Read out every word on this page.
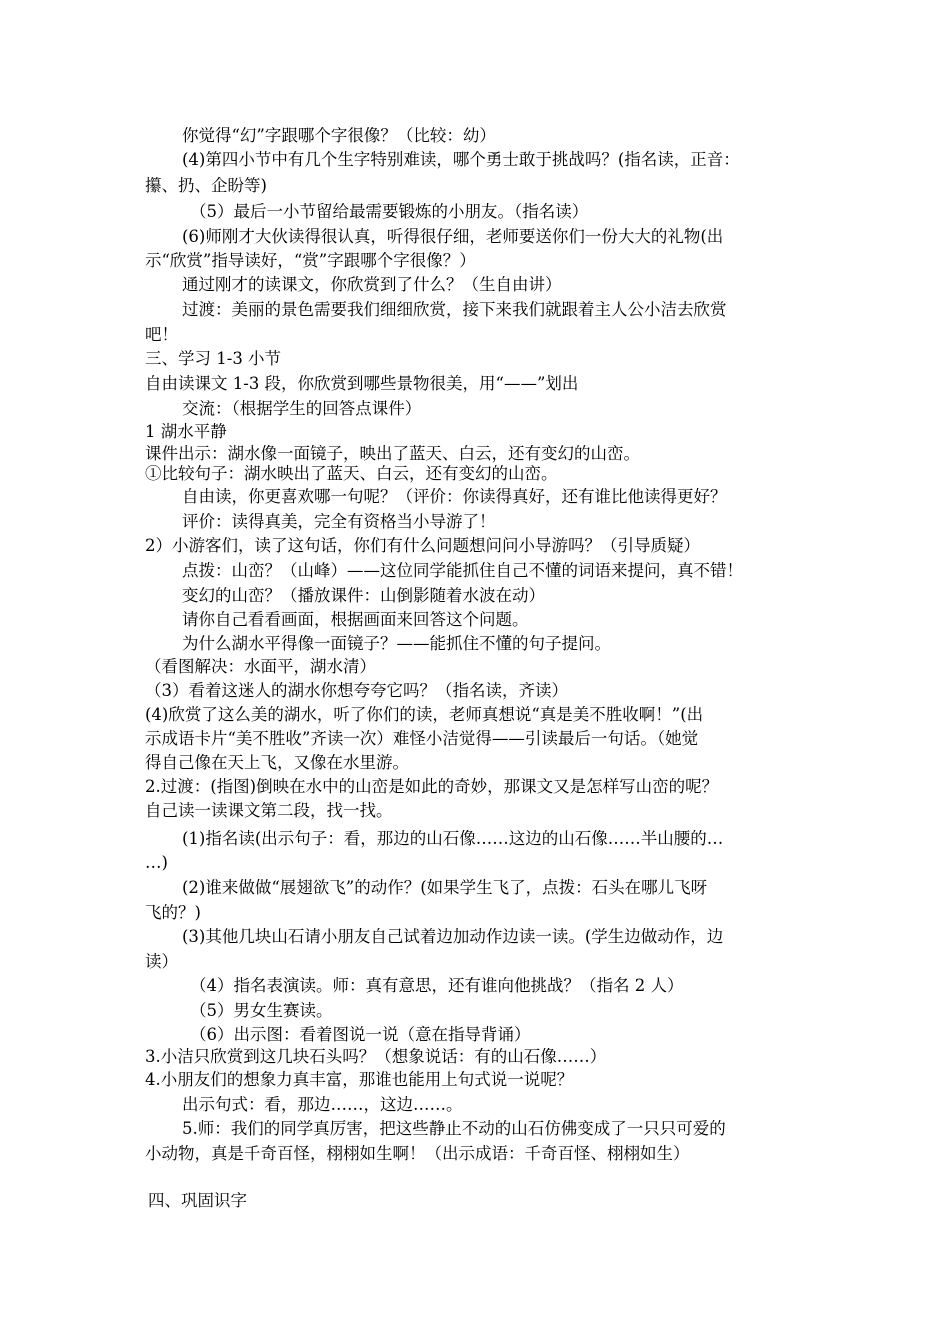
你觉得“幻”字跟哪个字很像？（比较：幼）
(4)第四小节中有几个生字特别难读，哪个勇士敢于挑战吗？(指名读，正音：
攥、扔、企盼等)
（5）最后一小节留给最需要锻炼的小朋友。（指名读）
(6)师刚才大伙读得很认真，听得很仔细，老师要送你们一份大大的礼物(出
示“欣赏”指导读好，“赏”字跟哪个字很像？）
通过刚才的读课文，你欣赏到了什么？（生自由讲）
过渡：美丽的景色需要我们细细欣赏，接下来我们就跟着主人公小洁去欣赏
吧！
三、学习 1-3 小节
自由读课文 1-3 段，你欣赏到哪些景物很美，用“——”划出
交流：（根据学生的回答点课件）
1 湖水平静
课件出示：湖水像一面镜子，映出了蓝天、白云，还有变幻的山峦。
①比较句子：湖水映出了蓝天、白云，还有变幻的山峦。
自由读，你更喜欢哪一句呢？（评价：你读得真好，还有谁比他读得更好？
评价：读得真美，完全有资格当小导游了！
2）小游客们，读了这句话，你们有什么问题想问问小导游吗？（引导质疑）
点拨：山峦？（山峰）——这位同学能抓住自己不懂的词语来提问，真不错！
变幻的山峦？（播放课件：山倒影随着水波在动）
请你自己看看画面，根据画面来回答这个问题。
为什么湖水平得像一面镜子？——能抓住不懂的句子提问。
（看图解决：水面平，湖水清）
（3）看着这迷人的湖水你想夸夸它吗？（指名读，齐读）
(4)欣赏了这么美的湖水，听了你们的读，老师真想说“真是美不胜收啊！”(出
示成语卡片“美不胜收”齐读一次）难怪小洁觉得——引读最后一句话。（她觉
得自己像在天上飞，又像在水里游。
2.过渡：(指图)倒映在水中的山峦是如此的奇妙，那课文又是怎样写山峦的呢？
自己读一读课文第二段，找一找。
(1)指名读(出示句子：看，那边的山石像……这边的山石像……半山腰的…
…)
(2)谁来做做“展翅欲飞”的动作？(如果学生飞了，点拨：石头在哪儿飞呀
飞的？)
(3)其他几块山石请小朋友自己试着边加动作边读一读。(学生边做动作，边
读）
（4）指名表演读。师：真有意思，还有谁向他挑战？（指名 2 人）
（5）男女生赛读。
（6）出示图：看着图说一说（意在指导背诵）
3.小洁只欣赏到这几块石头吗？（想象说话：有的山石像……）
4.小朋友们的想象力真丰富，那谁也能用上句式说一说呢？
出示句式：看，那边……，这边……。
5.师：我们的同学真厉害，把这些静止不动的山石仿佛变成了一只只可爱的
小动物，真是千奇百怪，栩栩如生啊！（出示成语：千奇百怪、栩栩如生）
四、巩固识字
